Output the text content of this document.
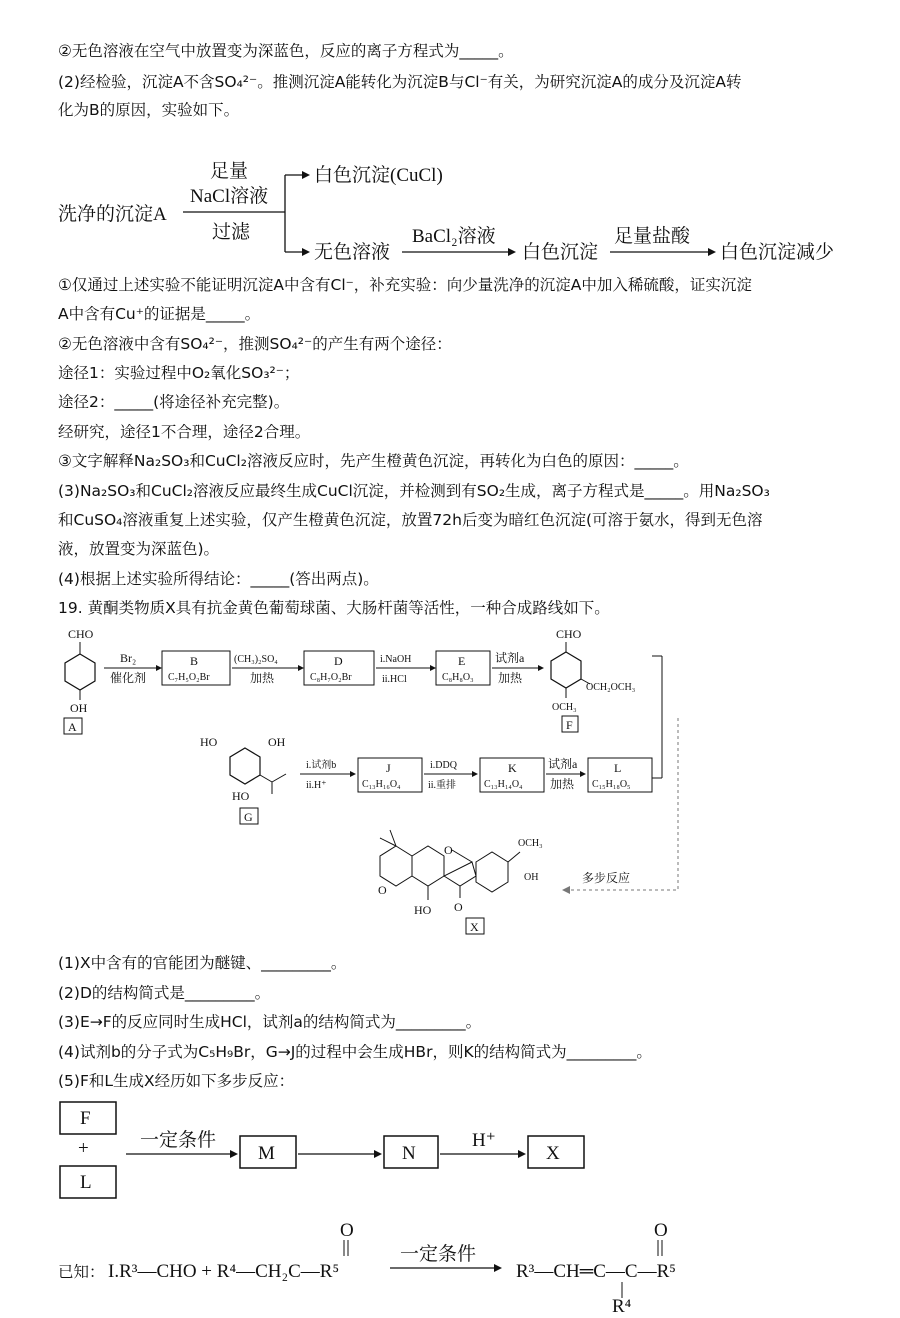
②无色溶液在空气中放置变为深蓝色，反应的离子方程式为_____。
(2)经检验，沉淀A不含SO₄²⁻。推测沉淀A能转化为沉淀B与Cl⁻有关，为研究沉淀A的成分及沉淀A转
化为B的原因，实验如下。
洗净的沉淀A
足量
NaCl溶液
过滤
白色沉淀(CuCl)
无色溶液
BaCl₂溶液
白色沉淀
足量盐酸
白色沉淀减少
①仅通过上述实验不能证明沉淀A中含有Cl⁻，补充实验：向少量洗净的沉淀A中加入稀硫酸，证实沉淀
A中含有Cu⁺的证据是_____。
②无色溶液中含有SO₄²⁻，推测SO₄²⁻的产生有两个途径：
途径1：实验过程中O₂氧化SO₃²⁻；
途径2：_____(将途径补充完整)。
经研究，途径1不合理，途径2合理。
③文字解释Na₂SO₃和CuCl₂溶液反应时，先产生橙黄色沉淀，再转化为白色的原因：_____。
(3)Na₂SO₃和CuCl₂溶液反应最终生成CuCl沉淀，并检测到有SO₂生成，离子方程式是_____。用Na₂SO₃
和CuSO₄溶液重复上述实验，仅产生橙黄色沉淀，放置72h后变为暗红色沉淀(可溶于氨水，得到无色溶
液，放置变为深蓝色)。
(4)根据上述实验所得结论：_____(答出两点)。
19. 黄酮类物质X具有抗金黄色葡萄球菌、大肠杆菌等活性，一种合成路线如下。
CHO
OH
A
Br₂
催化剂
B
C₇H₅O₂Br
(CH₃)₂SO₄
加热
D
C₈H₇O₂Br
i.NaOH
ii.HCl
E
C₈H₈O₃
试剂a
加热
CHO
OCH₂OCH₃
OCH₃
F
HO	OH
HO
G
i.试剂b
ii.H⁺
J
C₁₃H₁₆O₄
i.DDQ
ii.重排
K
C₁₃H₁₄O₄
试剂a
加热
L
C₁₅H₁₈O₅
多步反应
O
O	OCH₃
OH
HO O
X
(1)X中含有的官能团为醚键、_________。
(2)D的结构简式是_________。
(3)E→F的反应同时生成HCl，试剂a的结构简式为_________。
(4)试剂b的分子式为C₅H₉Br，G→J的过程中会生成HBr，则K的结构简式为_________。
(5)F和L生成X经历如下多步反应：
F
+
L
一定条件
M	N
H⁺
X
O
已知： I.R³—CHO + R⁴—CH₂C—R⁵
一定条件
O
R³—CH═C—C—R⁵
R⁴
